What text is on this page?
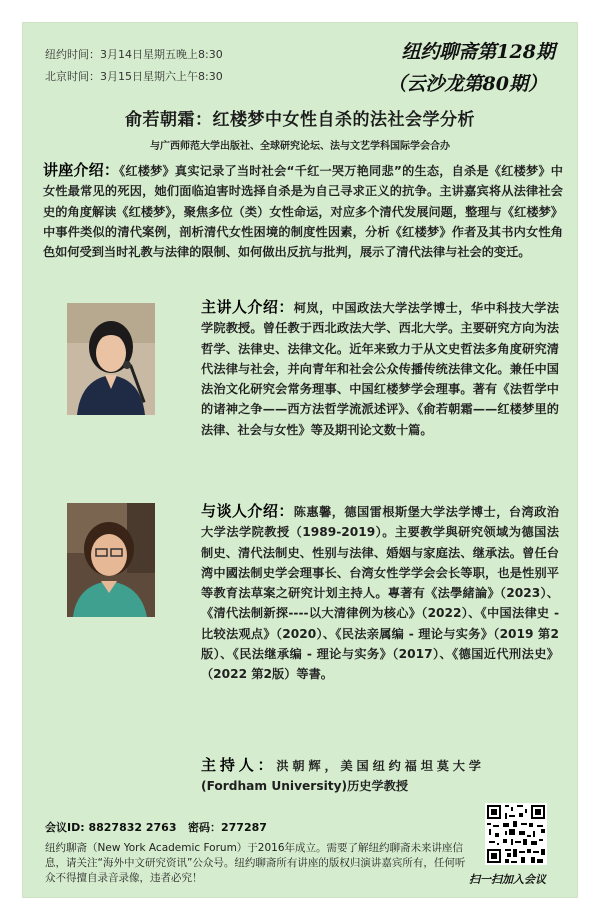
纽约时间：3月14日星期五晚上8:30
北京时间：3月15日星期六上午8:30
纽约聊斋第128期
（云沙龙第80期）
俞若朝霜：红楼梦中女性自杀的法社会学分析
与广西师范大学出版社、全球研究论坛、法与文艺学科国际学会合办
讲座介绍：《红楼梦》真实记录了当时社会“千红一哭万艳同悲”的生态，自杀是《红楼梦》中女性最常见的死因，她们面临迫害时选择自杀是为自己寻求正义的抗争。主讲嘉宾将从法律社会史的角度解读《红楼梦》，聚焦多位（类）女性命运，对应多个清代发展问题，整理与《红楼梦》中事件类似的清代案例，剖析清代女性困境的制度性因素，分析《红楼梦》作者及其书内女性角色如何受到当时礼教与法律的限制、如何做出反抗与批判，展示了清代法律与社会的变迁。
主讲人介绍：柯岚，中国政法大学法学博士，华中科技大学法学院教授。曾任教于西北政法大学、西北大学。主要研究方向为法哲学、法律史、法律文化。近年来致力于从文史哲法多角度研究清代法律与社会，并向青年和社会公众传播传统法律文化。兼任中国法治文化研究会常务理事、中国红楼梦学会理事。著有《法哲学中的诸神之争——西方法哲学流派述评》、《俞若朝霜——红楼梦里的法律、社会与女性》等及期刊论文数十篇。
与谈人介绍：陈惠馨，德国雷根斯堡大学法学博士，台湾政治大学法学院教授（1989-2019）。主要教学與研究领域为德国法制史、清代法制史、性别与法律、婚姻与家庭法、继承法。曾任台湾中國法制史学会理事长、台湾女性学学会会长等职，也是性别平等教育法草案之研究计划主持人。專著有《法學緒論》（2023）、《清代法制新探----以大清律例为核心》（2022）、《中国法律史 - 比较法观点》（2020）、《民法亲属编 - 理论与实务》（2019 第2版）、《民法继承编 - 理论与实务》（2017）、《德国近代刑法史》（2022 第2版）等書。
主持人：洪朝辉，美国纽约福坦莫大学(Fordham University)历史学教授
会议ID: 8827832 2763 密码：277287
纽约聊斋（New York Academic Forum）于2016年成立。需要了解纽约聊斋未来讲座信息，请关注“海外中文研究资讯”公众号。纽约聊斋所有讲座的版权归演讲嘉宾所有，任何听众不得擅自录音录像，违者必究！	扫一扫加入会议
